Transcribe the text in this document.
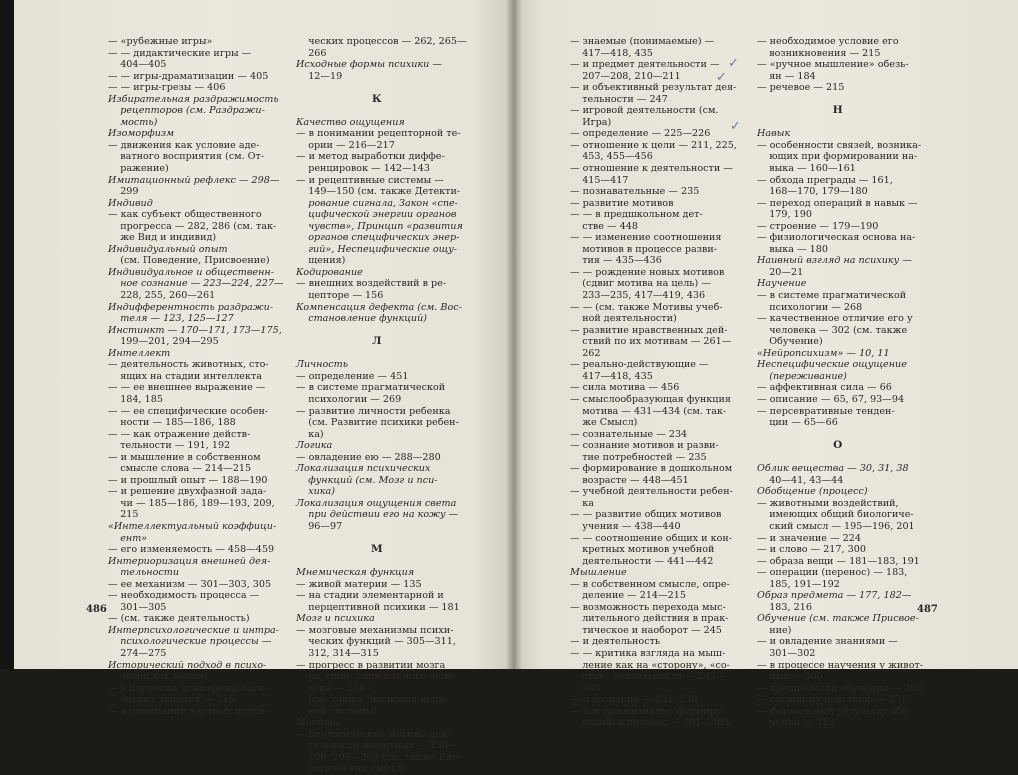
486	487
— «рубежные игры»
— — дидактические игры —
404—405
— — игры-драматизации — 405
— — игры-грезы — 406
Избирательная раздражимость
рецепторов (см. Раздражи-
мость)
Изоморфизм
— движения как условие аде-
ватного восприятия (см. От-
ражение)
Имитационный рефлекс — 298—
299
Индивид
— как субъект общественного
прогресса — 282, 286 (см. так-
же Вид и индивид)
Индивидуальный опыт
(см. Поведение, Присвоение)
Индивидуальное и общественн-
ное сознание — 223—224, 227—
228, 255, 260—261
Индифферентность раздражи-
теля — 123, 125—127
Инстинкт — 170—171, 173—175,
199—201, 294—295
Интеллект
— деятельность животных, сто-
ящих на стадии интеллекта
— — ее внешнее выражение —
184, 185
— — ее специфические особен-
ности — 185—186, 188
— — как отражение действ-
тельности — 191, 192
— и мышление в собственном
смысле слова — 214—215
— и прошлый опыт — 188—190
— и решение двухфазной зада-
чи — 185—186, 189—193, 209,
215
«Интеллектуальный коэффици-
ент»
— его изменяемость — 458—459
Интериоризация внешней дея-
тельности
— ее механизм — 301—303, 305
— необходимость процесса —
301—305
— (см. также деятельность)
Интерпсихологические и интра-
психологические процессы —
274—275
Исторический подход в психо-
логии как метод
— в изучении психофизиологи-
ческих явлений — 315
— в понимании частных психи-
ческих процессов — 262, 265—
266
Исходные формы психики —
12—19
К
Качество ощущения
— в понимании рецепторной те-
ории — 216—217
— и метод выработки диффе-
ренцировок — 142—143
— и рецептивные системы —
149—150 (см. также Детекти-
рование сигнала, Закон «спе-
цифической энергии органов
чувств», Принцип «развития
органов специфических энер-
гий», Неспецифические ощу-
щения)
Кодирование
— внешних воздействий в ре-
цепторе — 156
Компенсация дефекта (см. Вос-
становление функций)
Л
Личность
— определение — 451
— в системе прагматической
психологии — 269
— развитие личности ребенка
(см. Развитие психики ребен-
ка)
Логика
— овладение ею — 288—280
Локализация психических
функций (см. Мозг и пси-
хика)
Локализация ощущения света
при действии его на кожу —
96—97
М
Мнемическая функция
— живой материи — 135
— на стадии элементарной и
перцептивной психики — 181
Мозг и психика
— мозговые механизмы психи-
ческих функций — 305—311,
312, 314—315
— прогресс в развитии мозга
на этапе современного чело-
века — 314
(см. также Эволюция нерв-
ной системы)
Мотивы
— биологические мотивы дея-
тельности животных — 195—
196, 207—208 (см. также Био-
логический смысл)
— знаемые (понимаемые) —
417—418, 435
— и предмет деятельности —
207—208, 210—211
— и объективный результат дея-
тельности — 247
— игровой деятельности (см.
Игра)
— определение — 225—226
— отношение к цели — 211, 225,
453, 455—456
— отношение к деятельности —
415—417
— познавательные — 235
— развитие мотивов
— — в предшкольном дет-
стве — 448
— — изменение соотношения
мотивов в процессе разви-
тия — 435—436
— — рождение новых мотивов
(сдвиг мотива на цель) —
233—235, 417—419, 436
— — (см. также Мотивы учеб-
ной деятельности)
— развитие нравственных дей-
ствий по их мотивам — 261—
262
— реально-действующие —
417—418, 435
— сила мотива — 456
— смыслообразующая функция
мотива — 431—434 (см. так-
же Смысл)
— сознательные — 234
— сознание мотивов и разви-
тие потребностей — 235
— формирование в дошкольном
возрасте — 448—451
— учебной деятельности ребен-
ка
— — развитие общих мотивов
учения — 438—440
— — соотношение общих и кон-
кретных мотивов учебной
деятельности — 441—442
Мышление
— в собственном смысле, опре-
деление — 214—215
— возможность перехода мыс-
лительного действия в прак-
тическое и наоборот — 245
— и деятельность
— — критика взгляда на мыш-
ление как на «сторону», «со-
став» деятельности — 242—
243
— и сознание — 221, 238
— как прижизненно формиру-
ющийся процесс — 301—303
— необходимое условие его
возникновения — 215
— «ручное мышление» обезь-
ян — 184
— речевое — 215
Н
Навык
— особенности связей, возника-
ющих при формировании на-
выка — 160—161
— обхода преграды — 161,
168—170, 179—180
— переход операций в навык —
179, 190
— строение — 179—190
— физиологическая основа на-
выка — 180
Наивный взгляд на психику —
20—21
Научение
— в системе прагматической
психологии — 268
— качественное отличие его у
человека — 302 (см. также
Обучение)
«Нейропсихизм» — 10, 11
Неспецифические ощущение
(переживание)
— аффективная сила — 66
— описание — 65, 67, 93—94
— персевративные тенден-
ции — 65—66
О
Облик вещества — 30, 31, 38
40—41, 43—44
Обобщение (процесс)
— животными воздействий,
имеющих общий биологиче-
ский смысл — 195—196, 201
— и значение — 224
— и слово — 217, 300
— образа вещи — 181—183, 191
— операции (перенос) — 183,
185, 191—192
Образ предмета — 177, 182—
183, 216
Обучение (см. также Присвое-
ние)
— и овладение знаниями —
301—302
— в процессе научения у живот-
ных — 300
— предпосылки обучения — 300
— сложному действию — 231
— формальный результат обу-
чения — 313
✓
✓
✓
